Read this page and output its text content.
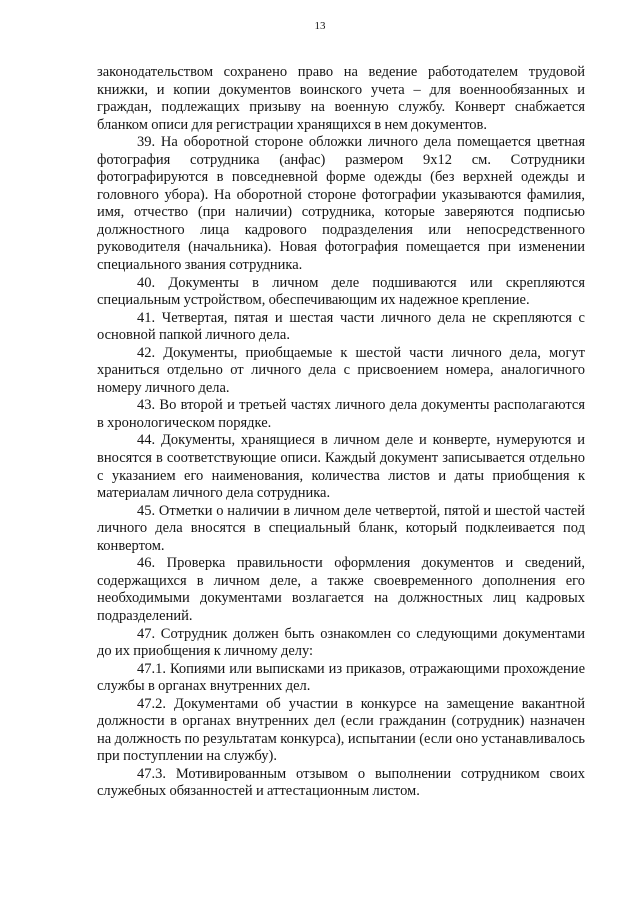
13

законодательством сохранено право на ведение работодателем трудовой книжки, и копии документов воинского учета – для военнообязанных и граждан, подлежащих призыву на военную службу. Конверт снабжается бланком описи для регистрации хранящихся в нем документов.

39. На оборотной стороне обложки личного дела помещается цветная фотография сотрудника (анфас) размером 9х12 см. Сотрудники фотографируются в повседневной форме одежды (без верхней одежды и головного убора). На оборотной стороне фотографии указываются фамилия, имя, отчество (при наличии) сотрудника, которые заверяются подписью должностного лица кадрового подразделения или непосредственного руководителя (начальника). Новая фотография помещается при изменении специального звания сотрудника.

40. Документы в личном деле подшиваются или скрепляются специальным устройством, обеспечивающим их надежное крепление.

41. Четвертая, пятая и шестая части личного дела не скрепляются с основной папкой личного дела.

42. Документы, приобщаемые к шестой части личного дела, могут храниться отдельно от личного дела с присвоением номера, аналогичного номеру личного дела.

43. Во второй и третьей частях личного дела документы располагаются в хронологическом порядке.

44. Документы, хранящиеся в личном деле и конверте, нумеруются и вносятся в соответствующие описи. Каждый документ записывается отдельно с указанием его наименования, количества листов и даты приобщения к материалам личного дела сотрудника.

45. Отметки о наличии в личном деле четвертой, пятой и шестой частей личного дела вносятся в специальный бланк, который подклеивается под конвертом.

46. Проверка правильности оформления документов и сведений, содержащихся в личном деле, а также своевременного дополнения его необходимыми документами возлагается на должностных лиц кадровых подразделений.

47. Сотрудник должен быть ознакомлен со следующими документами до их приобщения к личному делу:

47.1. Копиями или выписками из приказов, отражающими прохождение службы в органах внутренних дел.

47.2. Документами об участии в конкурсе на замещение вакантной должности в органах внутренних дел (если гражданин (сотрудник) назначен на должность по результатам конкурса), испытании (если оно устанавливалось при поступлении на службу).

47.3. Мотивированным отзывом о выполнении сотрудником своих служебных обязанностей и аттестационным листом.
